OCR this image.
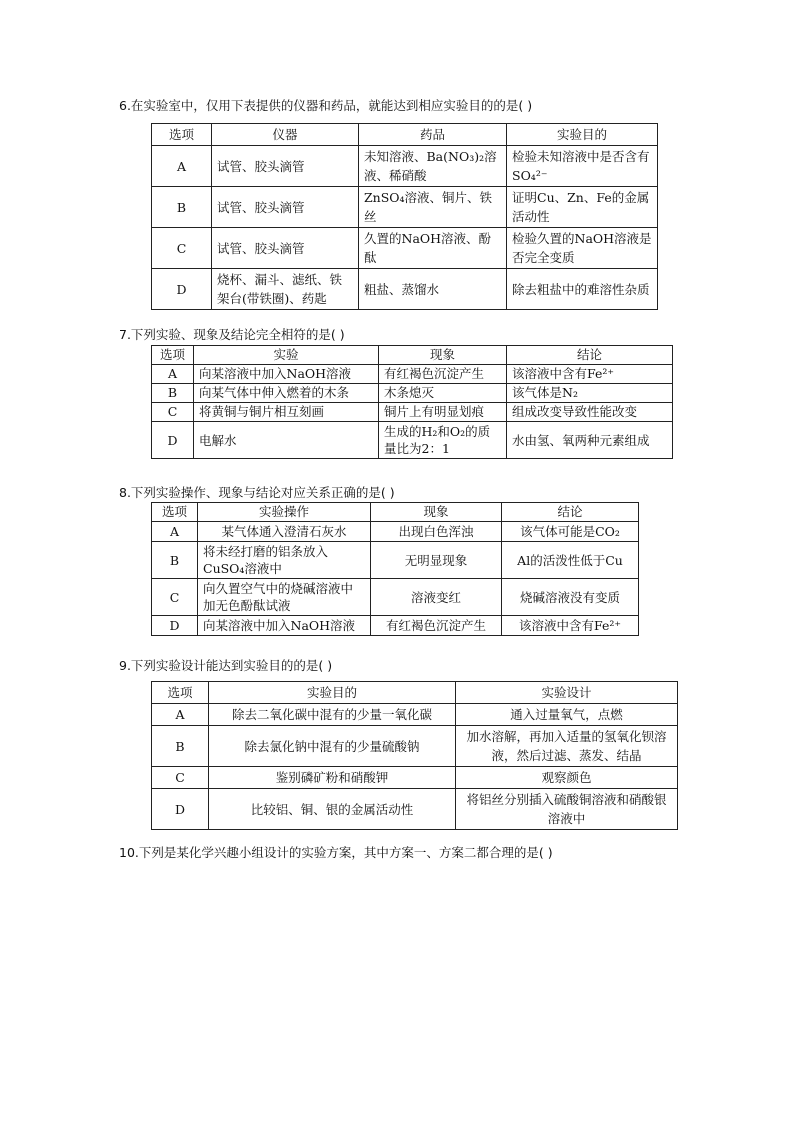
6.在实验室中，仅用下表提供的仪器和药品，就能达到相应实验目的的是( )
选项	仪器	药品	实验目的
A	试管、胶头滴管	未知溶液、Ba(NO₃)₂溶液、稀硝酸	检验未知溶液中是否含有SO₄²⁻
B	试管、胶头滴管	ZnSO₄溶液、铜片、铁丝	证明Cu、Zn、Fe的金属活动性
C	试管、胶头滴管	久置的NaOH溶液、酚酞	检验久置的NaOH溶液是否完全变质
D	烧杯、漏斗、滤纸、铁架台(带铁圈)、药匙	粗盐、蒸馏水	除去粗盐中的难溶性杂质
7.下列实验、现象及结论完全相符的是( )
选项	实验	现象	结论
A	向某溶液中加入NaOH溶液	有红褐色沉淀产生	该溶液中含有Fe²⁺
B	向某气体中伸入燃着的木条	木条熄灭	该气体是N₂
C	将黄铜与铜片相互刻画	铜片上有明显划痕	组成改变导致性能改变
D	电解水	生成的H₂和O₂的质量比为2：1	水由氢、氧两种元素组成
8.下列实验操作、现象与结论对应关系正确的是( )
选项	实验操作	现象	结论
A	某气体通入澄清石灰水	出现白色浑浊	该气体可能是CO₂
B	将未经打磨的铝条放入CuSO₄溶液中	无明显现象	Al的活泼性低于Cu
C	向久置空气中的烧碱溶液中加无色酚酞试液	溶液变红	烧碱溶液没有变质
D	向某溶液中加入NaOH溶液	有红褐色沉淀产生	该溶液中含有Fe²⁺
9.下列实验设计能达到实验目的的是( )
选项	实验目的	实验设计
A	除去二氧化碳中混有的少量一氧化碳	通入过量氧气，点燃
B	除去氯化钠中混有的少量硫酸钠	加水溶解，再加入适量的氢氧化钡溶液，然后过滤、蒸发、结晶
C	鉴别磷矿粉和硝酸钾	观察颜色
D	比较铝、铜、银的金属活动性	将铝丝分别插入硫酸铜溶液和硝酸银溶液中
10.下列是某化学兴趣小组设计的实验方案，其中方案一、方案二都合理的是( )
